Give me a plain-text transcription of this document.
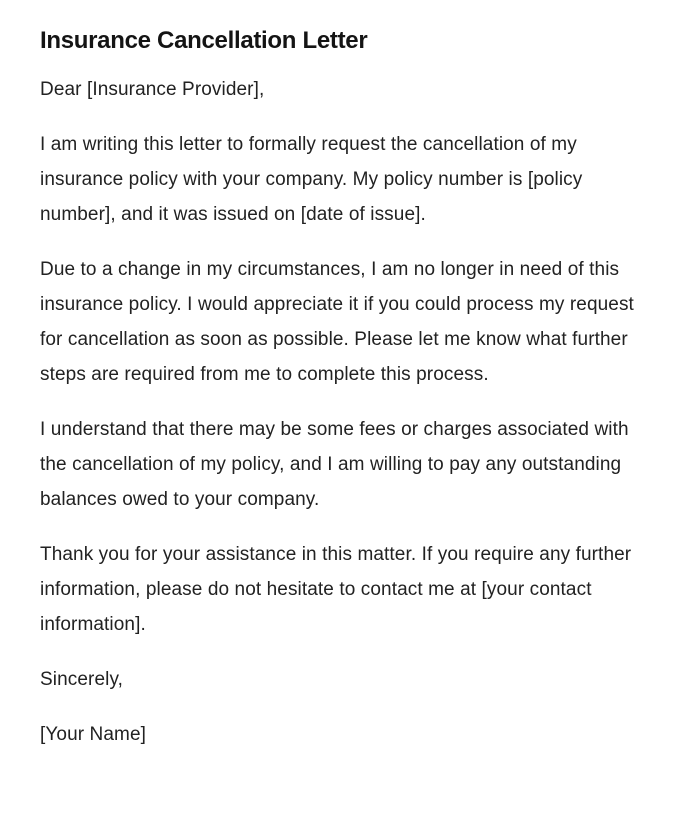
Insurance Cancellation Letter

Dear [Insurance Provider],

I am writing this letter to formally request the cancellation of my insurance policy with your company. My policy number is [policy number], and it was issued on [date of issue].

Due to a change in my circumstances, I am no longer in need of this insurance policy. I would appreciate it if you could process my request for cancellation as soon as possible. Please let me know what further steps are required from me to complete this process.

I understand that there may be some fees or charges associated with the cancellation of my policy, and I am willing to pay any outstanding balances owed to your company.

Thank you for your assistance in this matter. If you require any further information, please do not hesitate to contact me at [your contact information].

Sincerely,

[Your Name]
